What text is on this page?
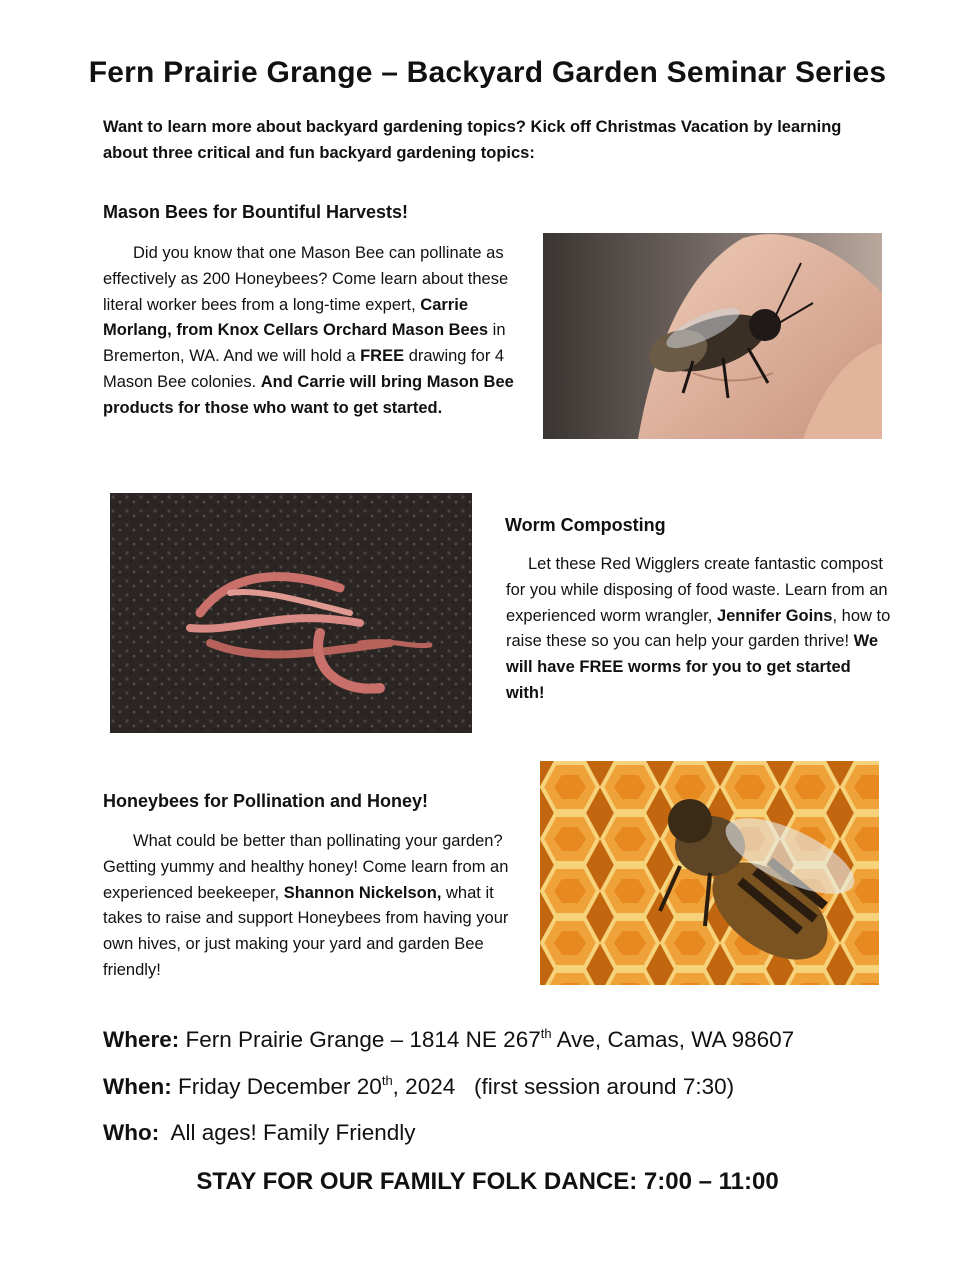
Fern Prairie Grange – Backyard Garden Seminar Series
Want to learn more about backyard gardening topics? Kick off Christmas Vacation by learning about three critical and fun backyard gardening topics:
Mason Bees for Bountiful Harvests!
Did you know that one Mason Bee can pollinate as effectively as 200 Honeybees? Come learn about these literal worker bees from a long-time expert, Carrie Morlang, from Knox Cellars Orchard Mason Bees in Bremerton, WA. And we will hold a FREE drawing for 4 Mason Bee colonies. And Carrie will bring Mason Bee products for those who want to get started.
Worm Composting
Let these Red Wigglers create fantastic compost for you while disposing of food waste. Learn from an experienced worm wrangler, Jennifer Goins, how to raise these so you can help your garden thrive! We will have FREE worms for you to get started with!
Honeybees for Pollination and Honey!
What could be better than pollinating your garden? Getting yummy and healthy honey! Come learn from an experienced beekeeper, Shannon Nickelson, what it takes to raise and support Honeybees from having your own hives, or just making your yard and garden Bee friendly!
Where: Fern Prairie Grange – 1814 NE 267th Ave, Camas, WA 98607
When: Friday December 20th, 2024   (first session around 7:30)
Who:  All ages! Family Friendly
STAY FOR OUR FAMILY FOLK DANCE: 7:00 – 11:00
